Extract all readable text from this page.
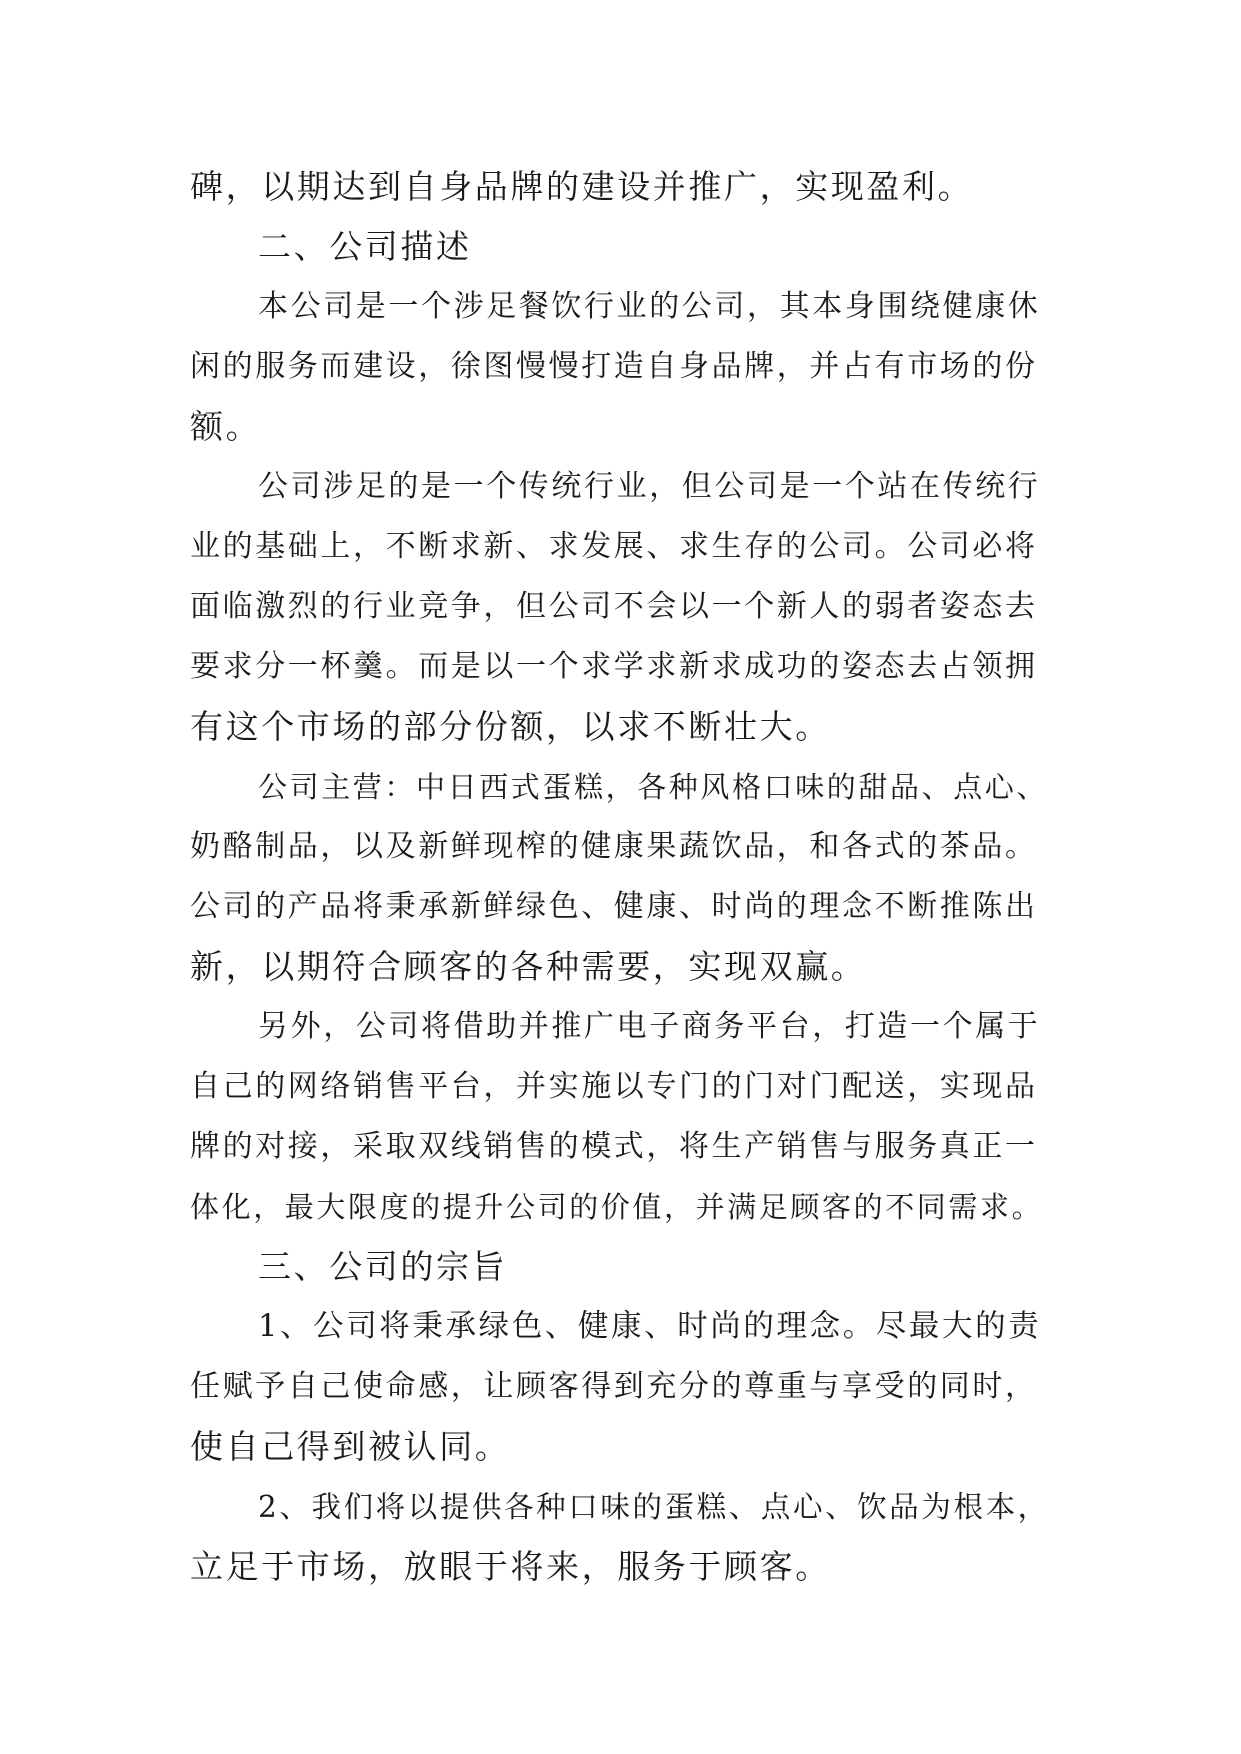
碑，以期达到自身品牌的建设并推广，实现盈利。
二、公司描述
本公司是一个涉足餐饮行业的公司，其本身围绕健康休
闲的服务而建设，徐图慢慢打造自身品牌，并占有市场的份
额。
公司涉足的是一个传统行业，但公司是一个站在传统行
业的基础上，不断求新、求发展、求生存的公司。公司必将
面临激烈的行业竞争，但公司不会以一个新人的弱者姿态去
要求分一杯羹。而是以一个求学求新求成功的姿态去占领拥
有这个市场的部分份额，以求不断壮大。
公司主营：中日西式蛋糕，各种风格口味的甜品、点心、
奶酪制品，以及新鲜现榨的健康果蔬饮品，和各式的茶品。
公司的产品将秉承新鲜绿色、健康、时尚的理念不断推陈出
新，以期符合顾客的各种需要，实现双赢。
另外，公司将借助并推广电子商务平台，打造一个属于
自己的网络销售平台，并实施以专门的门对门配送，实现品
牌的对接，采取双线销售的模式，将生产销售与服务真正一
体化，最大限度的提升公司的价值，并满足顾客的不同需求。
三、公司的宗旨
1、公司将秉承绿色、健康、时尚的理念。尽最大的责
任赋予自己使命感，让顾客得到充分的尊重与享受的同时，
使自己得到被认同。
2、我们将以提供各种口味的蛋糕、点心、饮品为根本，
立足于市场，放眼于将来，服务于顾客。
